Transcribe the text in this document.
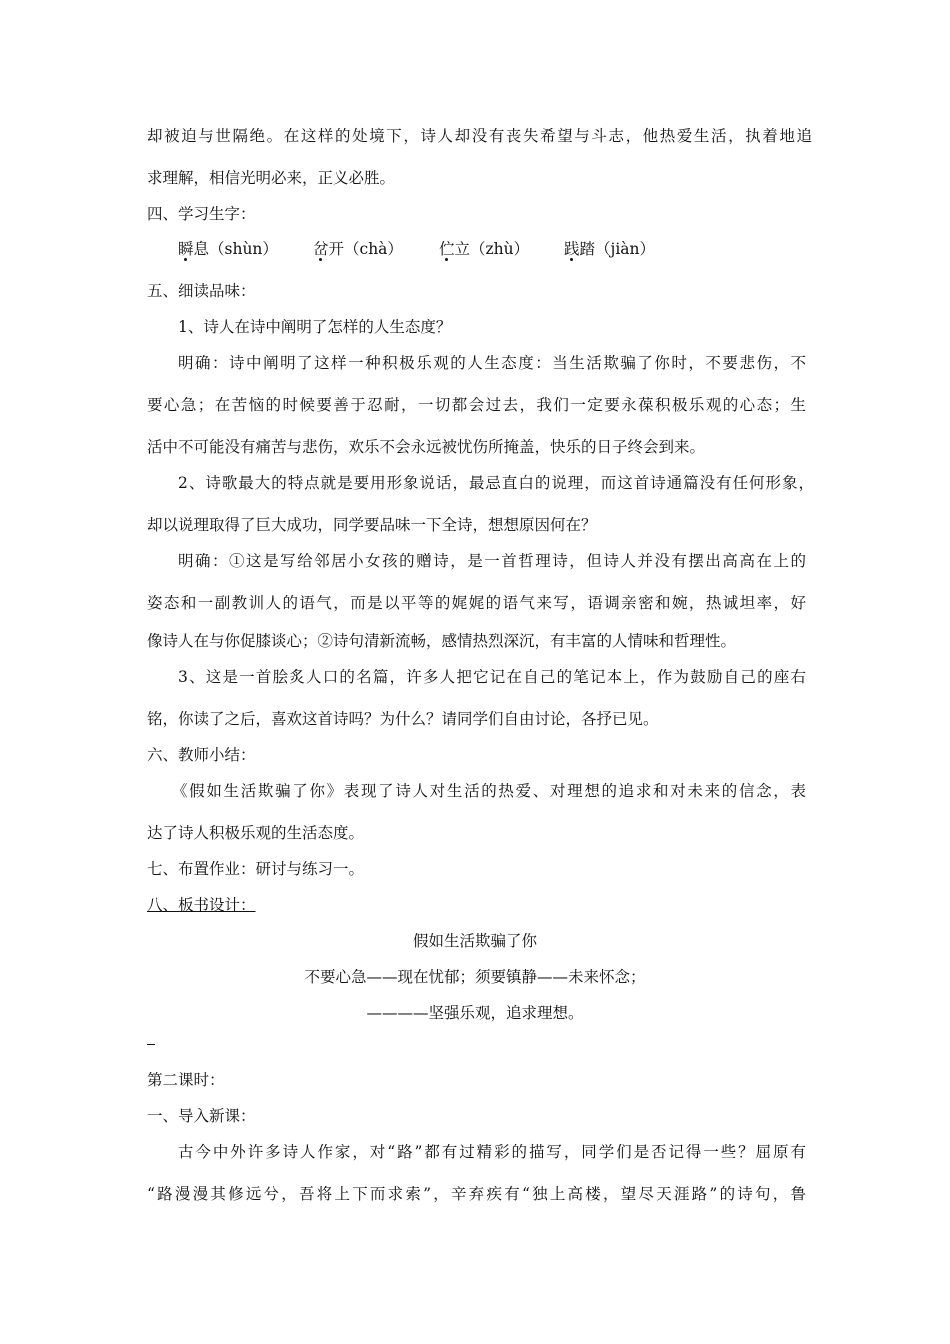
却被迫与世隔绝。在这样的处境下，诗人却没有丧失希望与斗志，他热爱生活，执着地追
求理解，相信光明必来，正义必胜。
四、学习生字：
瞬息（shùn） 岔开（chà） 伫立（zhù） 践踏（jiàn）
五、细读品味：
1、诗人在诗中阐明了怎样的人生态度？
明确：诗中阐明了这样一种积极乐观的人生态度：当生活欺骗了你时，不要悲伤，不
要心急；在苦恼的时候要善于忍耐，一切都会过去，我们一定要永葆积极乐观的心态；生
活中不可能没有痛苦与悲伤，欢乐不会永远被忧伤所掩盖，快乐的日子终会到来。
2、诗歌最大的特点就是要用形象说话，最忌直白的说理，而这首诗通篇没有任何形象，
却以说理取得了巨大成功，同学要品味一下全诗，想想原因何在？
明确：①这是写给邻居小女孩的赠诗，是一首哲理诗，但诗人并没有摆出高高在上的
姿态和一副教训人的语气，而是以平等的娓娓的语气来写，语调亲密和婉，热诚坦率，好
像诗人在与你促膝谈心；②诗句清新流畅，感情热烈深沉，有丰富的人情味和哲理性。
3、这是一首脍炙人口的名篇，许多人把它记在自己的笔记本上，作为鼓励自己的座右
铭，你读了之后，喜欢这首诗吗？为什么？请同学们自由讨论，各抒已见。
六、教师小结：
《假如生活欺骗了你》表现了诗人对生活的热爱、对理想的追求和对未来的信念，表
达了诗人积极乐观的生活态度。
七、布置作业：研讨与练习一。
八、板书设计：
假如生活欺骗了你
不要心急——现在忧郁；须要镇静——未来怀念；
————坚强乐观，追求理想。
第二课时：
一、导入新课：
古今中外许多诗人作家，对“路”都有过精彩的描写，同学们是否记得一些？屈原有
“路漫漫其修远兮，吾将上下而求索”，辛弃疾有“独上高楼，望尽天涯路”的诗句，鲁
